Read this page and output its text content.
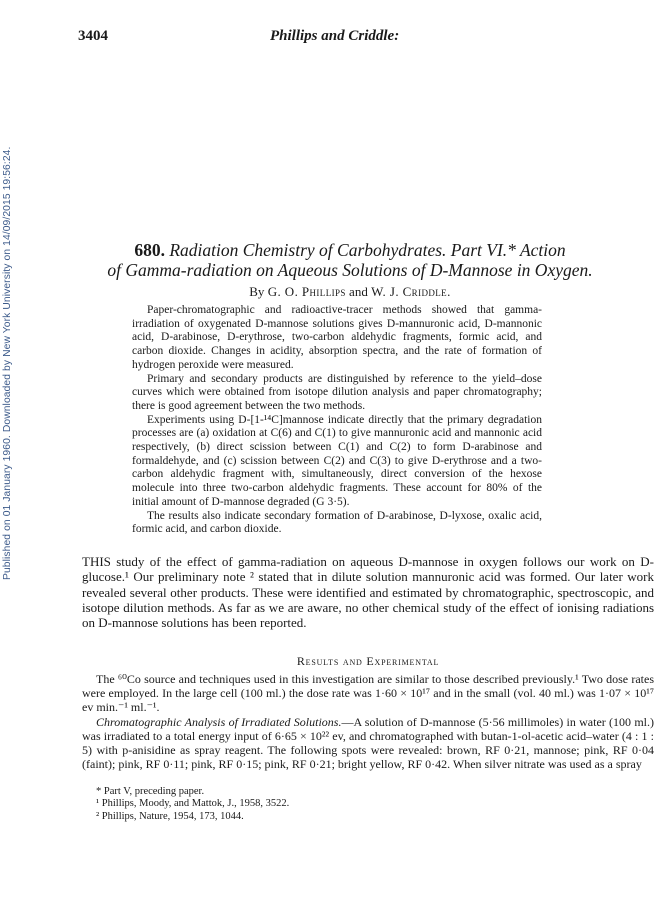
Published on 01 January 1960. Downloaded by New York University on 14/09/2015 19:56:24.
3404	Phillips and Criddle:

680. Radiation Chemistry of Carbohydrates. Part VI.* Action

of Gamma-radiation on Aqueous Solutions of D-Mannose in Oxygen.

By G. O. Phillips and W. J. Criddle.

Paper-chromatographic and radioactive-tracer methods showed that gamma-irradiation of oxygenated D-mannose solutions gives D-mannuronic acid, D-mannonic acid, D-arabinose, D-erythrose, two-carbon aldehydic fragments, formic acid, and carbon dioxide. Changes in acidity, absorption spectra, and the rate of formation of hydrogen peroxide were measured.

Primary and secondary products are distinguished by reference to the yield–dose curves which were obtained from isotope dilution analysis and paper chromatography; there is good agreement between the two methods.

Experiments using D-[1-¹⁴C]mannose indicate directly that the primary degradation processes are (a) oxidation at C(6) and C(1) to give mannuronic acid and mannonic acid respectively, (b) direct scission between C(1) and C(2) to form D-arabinose and formaldehyde, and (c) scission between C(2) and C(3) to give D-erythrose and a two-carbon aldehydic fragment with, simultaneously, direct conversion of the hexose molecule into three two-carbon aldehydic fragments. These account for 80% of the initial amount of D-mannose degraded (G 3·5).

The results also indicate secondary formation of D-arabinose, D-lyxose, oxalic acid, formic acid, and carbon dioxide.

THIS study of the effect of gamma-radiation on aqueous D-mannose in oxygen follows our work on D-glucose.¹ Our preliminary note ² stated that in dilute solution mannuronic acid was formed. Our later work revealed several other products. These were identified and estimated by chromatographic, spectroscopic, and isotope dilution methods. As far as we are aware, no other chemical study of the effect of ionising radiations on D-mannose solutions has been reported.

Results and Experimental

The ⁶⁰Co source and techniques used in this investigation are similar to those described previously.¹ Two dose rates were employed. In the large cell (100 ml.) the dose rate was 1·60 × 10¹⁷ and in the small (vol. 40 ml.) was 1·07 × 10¹⁷ ev min.⁻¹ ml.⁻¹.

Chromatographic Analysis of Irradiated Solutions.—A solution of D-mannose (5·56 millimoles) in water (100 ml.) was irradiated to a total energy input of 6·65 × 10²² ev, and chromatographed with butan-1-ol-acetic acid–water (4 : 1 : 5) with p-anisidine as spray reagent. The following spots were revealed: brown, RF 0·21, mannose; pink, RF 0·04 (faint); pink, RF 0·11; pink, RF 0·15; pink, RF 0·21; bright yellow, RF 0·42. When silver nitrate was used as a spray

* Part V, preceding paper.
¹ Phillips, Moody, and Mattok, J., 1958, 3522.
² Phillips, Nature, 1954, 173, 1044.
